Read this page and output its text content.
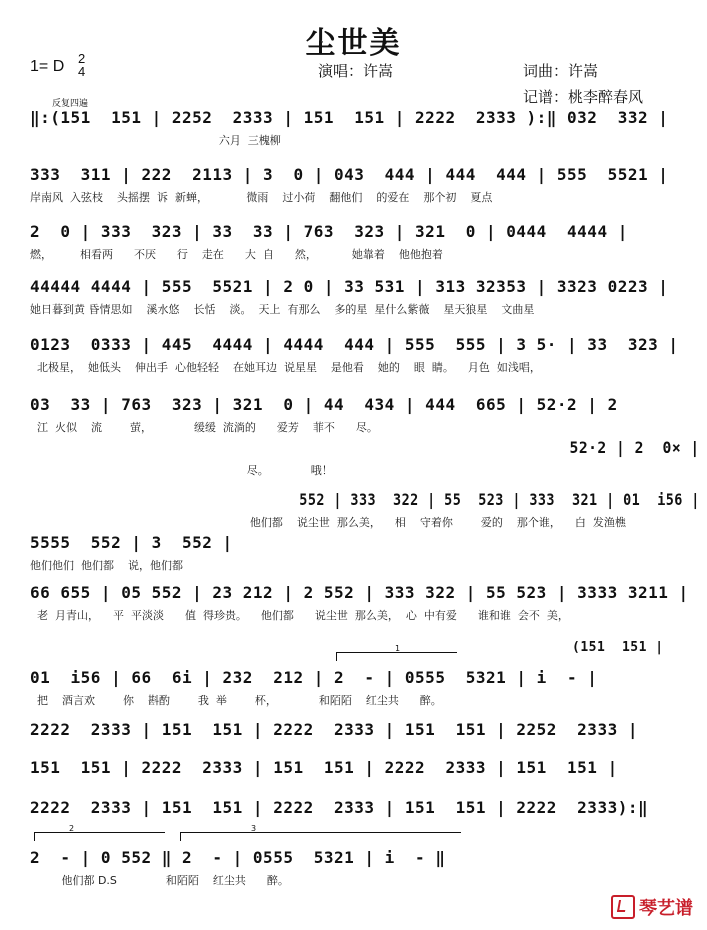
尘世美
1= D 2
4	演唱：许嵩	词曲：许嵩
记谱：桃李醉春风
反复四遍
‖:(151  151 | 2252  2333 | 151  151 | 2222  2333 ):‖ 032  332 |
六月  三槐柳
333  311 | 222  2113 | 3  0 | 043  444 | 444  444 | 555  5521 |
岸南风  入弦枝    头摇摆  诉  新蝉，           微雨    过小荷    翻他们    的爱在    那个初    夏点
2  0 | 333  323 | 33  33 | 763  323 | 321  0 | 0444  4444 |
燃，        相看两      不厌      行    走在      大  自      然，          她靠着    他他抱着
44444 4444 | 555  5521 | 2 0 | 33 531 | 313 32353 | 3323 0223 |
她日暮到黄 昏情思如    溪水悠    长恬    淡。  天上  有那么    多的星  星什么紫薇    星天狼星    文曲星
0123  0333 | 445  4444 | 4444  444 | 555  555 | 3 5· | 33  323 |
北极星，  她低头    伸出手  心他轻轻    在她耳边  说星星    是他看    她的    眼  睛。    月色  如浅唱，
03  33 | 763  323 | 321  0 | 44  434 | 444  665 | 52·2 | 2
江  火似    流        萤，            缓缓  流淌的      爱芳    菲不      尽。
52·2 | 2  0× |
尽。            哦！
552 | 333  322 | 55  523 | 333  321 | 01  i56 |
他们都    说尘世  那么美，    相    守着你        爱的    那个谁，    白  发渔樵
5555  552 | 3  552 |
他们他们  他们都    说，他们都
66 655 | 05 552 | 23 212 | 2 552 | 333 322 | 55 523 | 3333 3211 |
老  月青山，    平  平淡淡      值  得珍贵。    他们都      说尘世  那么美，  心  中有爱      谁和谁  会不  美，
01  i56 | 66  6i | 232  212 | 2  - | 0555  5321 | i  - |
把    酒言欢        你    斟酌        我  举        杯，            和陌陌    红尘共      醉。
2222  2333 | 151  151 | 2222  2333 | 151  151 | 2252  2333 |
151  151 | 2222  2333 | 151  151 | 2222  2333 | 151  151 |
2222  2333 | 151  151 | 2222  2333 | 151  151 | 2222  2333):‖
2  - | 0 552 ‖ 2  - | 0555  5321 | i  - ‖
他们都 D.S              和陌陌    红尘共      醉。
1
2	3
(151  151 |
琴艺谱
